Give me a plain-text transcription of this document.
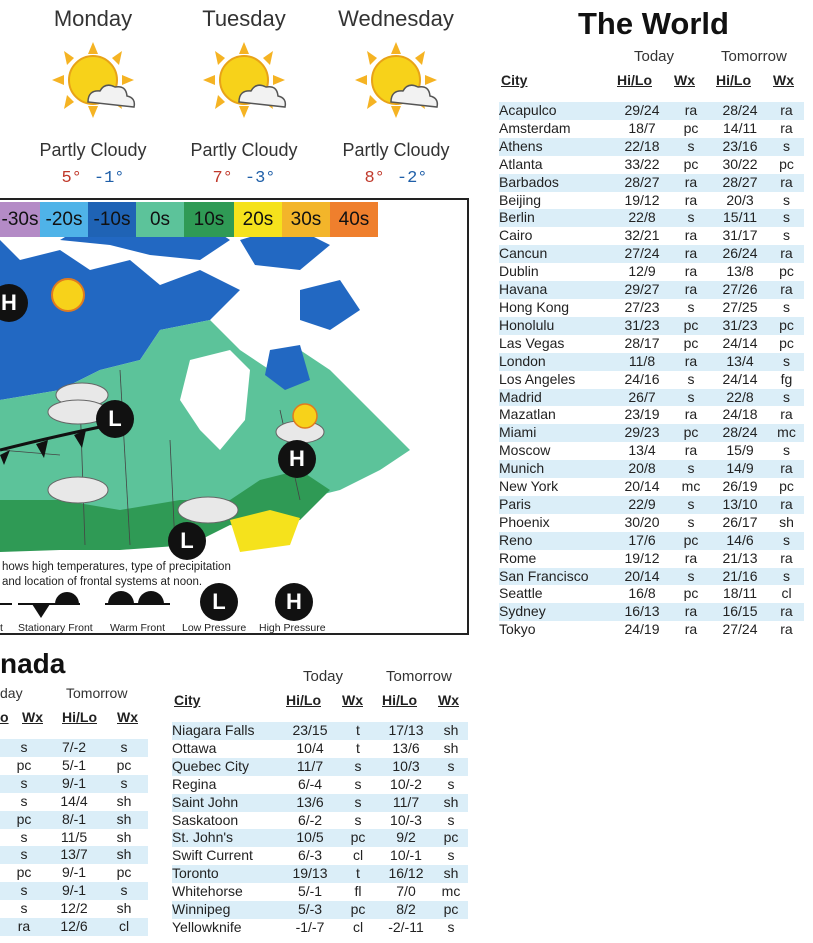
Monday
Partly Cloudy
5° -1°
Tuesday
Partly Cloudy
7° -3°
Wednesday
Partly Cloudy
8° -2°
H
L
H
L
hows high temperatures, type of precipitation
and location of frontal systems at noon.
t Stationary Front Warm Front
L
Low Pressure
H
High Pressure
-30s -20s -10s	0s	10s 20s 30s 40s
The World
Today	Tomorrow
City	Hi/Lo Wx Hi/Lo Wx
Acapulco	29/24	ra	28/24	ra
Amsterdam	18/7	pc	14/11	ra
Athens	22/18	s	23/16	s
Atlanta	33/22	pc	30/22	pc
Barbados	28/27	ra	28/27	ra
Beijing	19/12	ra	20/3	s
Berlin	22/8	s	15/11	s
Cairo	32/21	ra	31/17	s
Cancun	27/24	ra	26/24	ra
Dublin	12/9	ra	13/8	pc
Havana	29/27	ra	27/26	ra
Hong Kong	27/23	s	27/25	s
Honolulu	31/23	pc	31/23	pc
Las Vegas	28/17	pc	24/14	pc
London	11/8	ra	13/4	s
Los Angeles	24/16	s	24/14	fg
Madrid	26/7	s	22/8	s
Mazatlan	23/19	ra	24/18	ra
Miami	29/23	pc	28/24	mc
Moscow	13/4	ra	15/9	s
Munich	20/8	s	14/9	ra
New York	20/14	mc	26/19	pc
Paris	22/9	s	13/10	ra
Phoenix	30/20	s	26/17	sh
Reno	17/6	pc	14/6	s
Rome	19/12	ra	21/13	ra
San Francisco	20/14	s	21/16	s
Seattle	16/8	pc	18/11	cl
Sydney	16/13	ra	16/15	ra
Tokyo	24/19	ra	27/24	ra
nada
day	Tomorrow
o Wx Hi/Lo Wx
s	7/-2	s
pc	5/-1	pc
s	9/-1	s
s	14/4	sh
pc	8/-1	sh
s	11/5	sh
s	13/7	sh
pc	9/-1	pc
s	9/-1	s
s	12/2	sh
ra	12/6	cl
Today	Tomorrow
City	Hi/Lo Wx Hi/Lo Wx
Niagara Falls	23/15	t	17/13	sh
Ottawa	10/4	t	13/6	sh
Quebec City	11/7	s	10/3	s
Regina	6/-4	s	10/-2	s
Saint John	13/6	s	11/7	sh
Saskatoon	6/-2	s	10/-3	s
St. John's	10/5	pc	9/2	pc
Swift Current	6/-3	cl	10/-1	s
Toronto	19/13	t	16/12	sh
Whitehorse	5/-1	fl	7/0	mc
Winnipeg	5/-3	pc	8/2	pc
Yellowknife	-1/-7	cl	-2/-11	s
